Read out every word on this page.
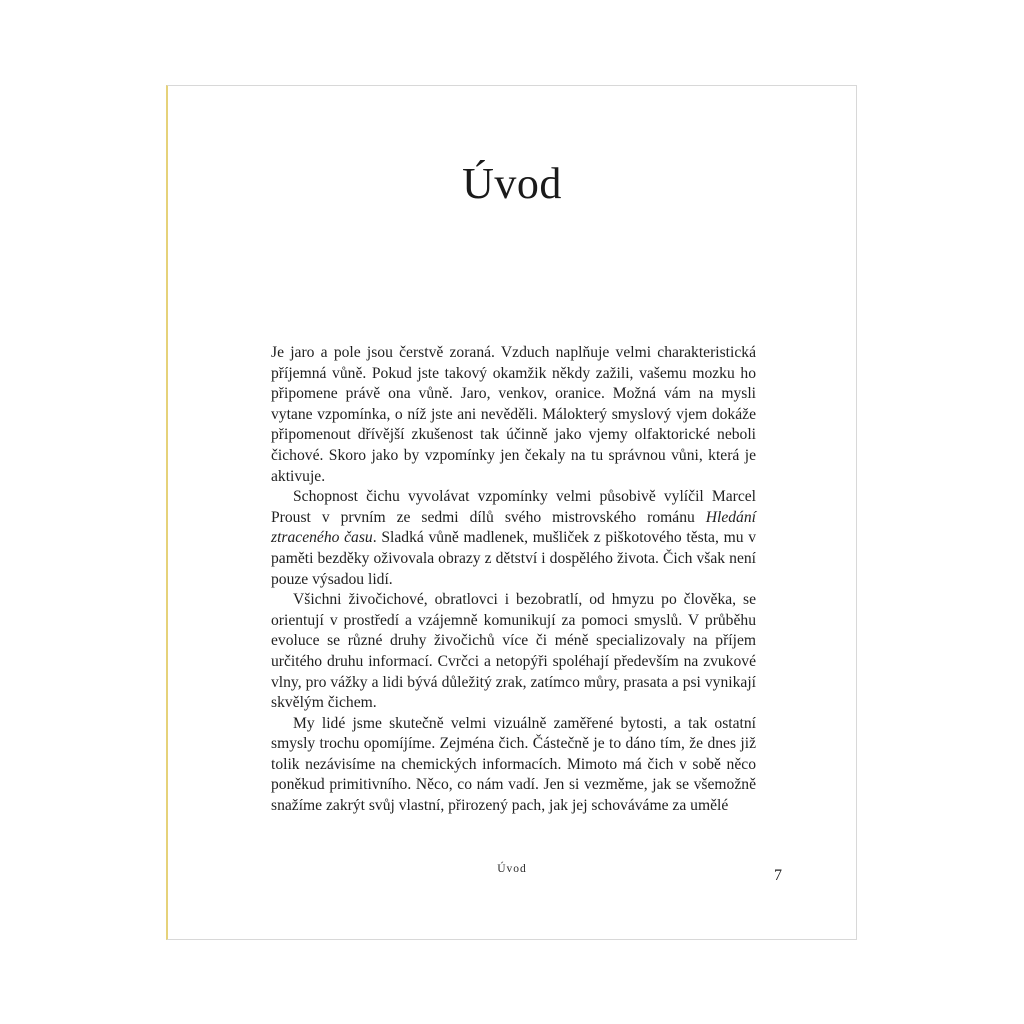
Úvod

Je jaro a pole jsou čerstvě zoraná. Vzduch naplňuje velmi charakteristická příjemná vůně. Pokud jste takový okamžik někdy zažili, vašemu mozku ho připomene právě ona vůně. Jaro, venkov, oranice. Možná vám na mysli vytane vzpomínka, o níž jste ani nevěděli. Málokterý smyslový vjem dokáže připomenout dřívější zkušenost tak účinně jako vjemy olfaktorické neboli čichové. Skoro jako by vzpomínky jen čekaly na tu správnou vůni, která je aktivuje.

Schopnost čichu vyvolávat vzpomínky velmi působivě vylíčil Marcel Proust v prvním ze sedmi dílů svého mistrovského románu Hledání ztraceného času. Sladká vůně madlenek, mušliček z piškotového těsta, mu v paměti bezděky oživovala obrazy z dětství i dospělého života. Čich však není pouze výsadou lidí.

Všichni živočichové, obratlovci i bezobratlí, od hmyzu po člověka, se orientují v prostředí a vzájemně komunikují za pomoci smyslů. V průběhu evoluce se různé druhy živočichů více či méně specializovaly na příjem určitého druhu informací. Cvrčci a netopýři spoléhají především na zvukové vlny, pro vážky a lidi bývá důležitý zrak, zatímco můry, prasata a psi vynikají skvělým čichem.

My lidé jsme skutečně velmi vizuálně zaměřené bytosti, a tak ostatní smysly trochu opomíjíme. Zejména čich. Částečně je to dáno tím, že dnes již tolik nezávisíme na chemických informacích. Mimoto má čich v sobě něco poněkud primitivního. Něco, co nám vadí. Jen si vezměme, jak se všemožně snažíme zakrýt svůj vlastní, přirozený pach, jak jej schováváme za umělé

Úvod	7
